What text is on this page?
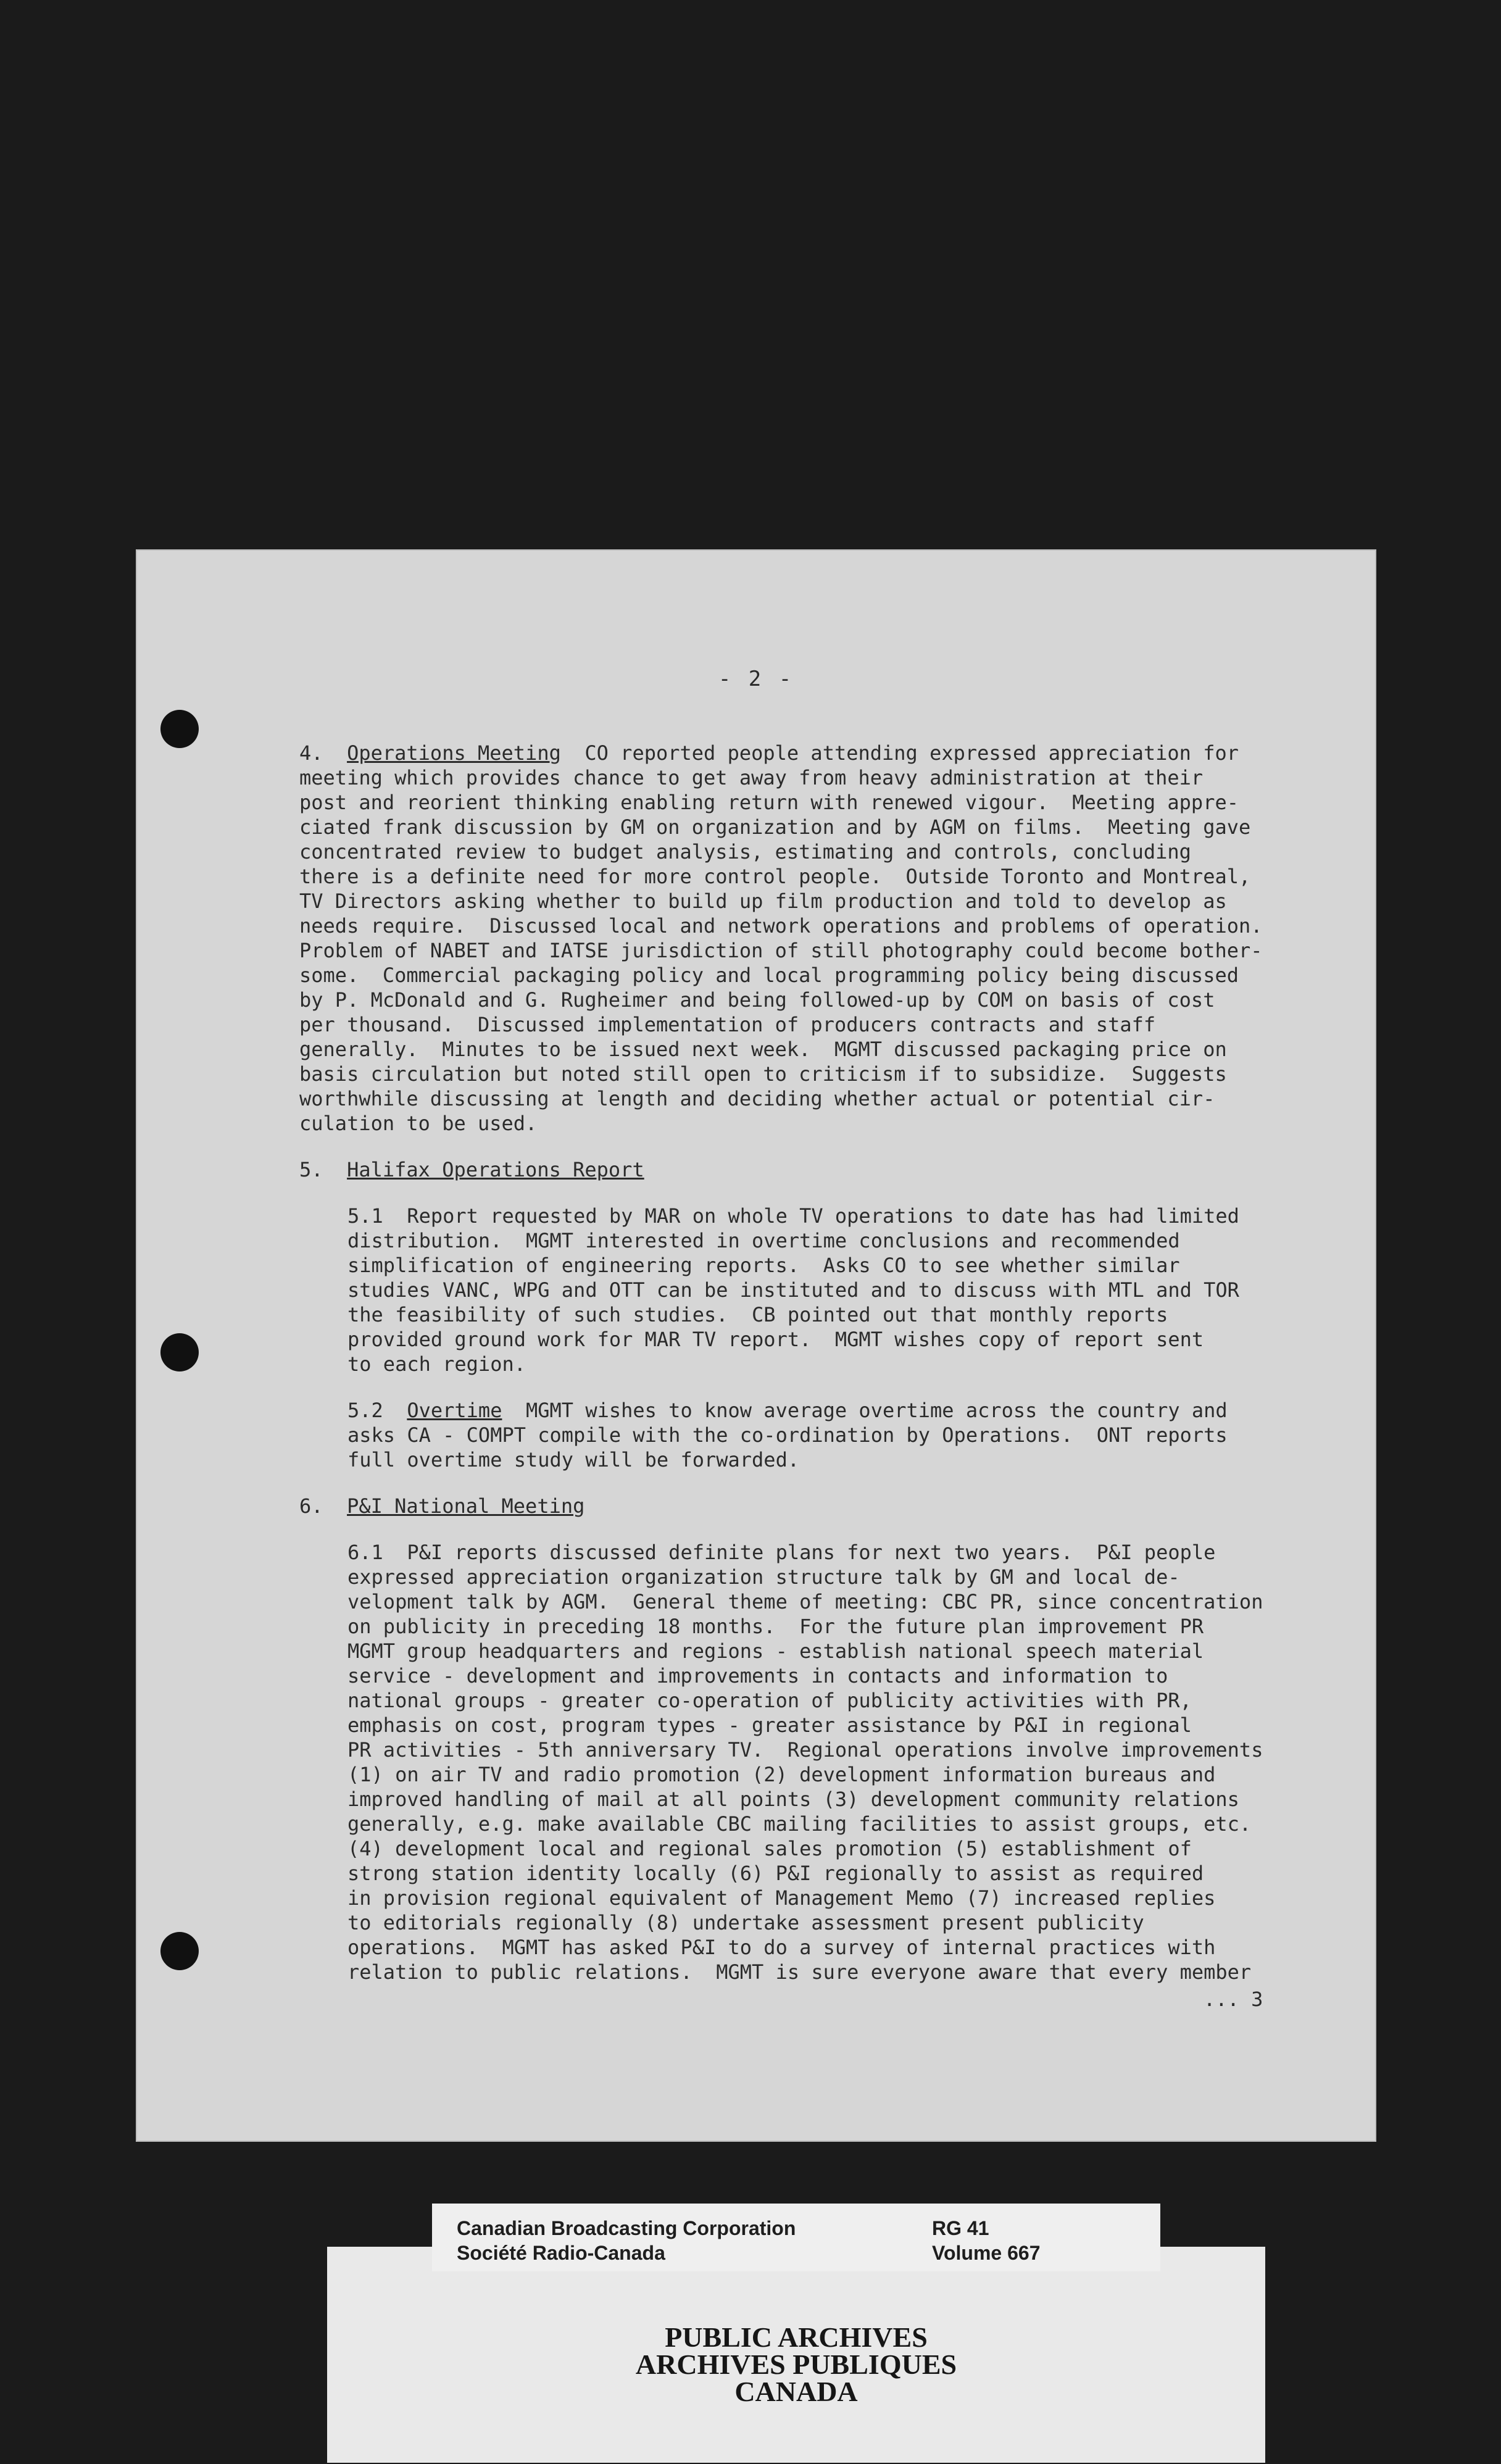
- 2 -
4. Operations Meeting CO reported people attending expressed appreciation for
meeting which provides chance to get away from heavy administration at their
post and reorient thinking enabling return with renewed vigour.  Meeting appre-
ciated frank discussion by GM on organization and by AGM on films.  Meeting gave
concentrated review to budget analysis, estimating and controls, concluding
there is a definite need for more control people.  Outside Toronto and Montreal,
TV Directors asking whether to build up film production and told to develop as
needs require.  Discussed local and network operations and problems of operation.
Problem of NABET and IATSE jurisdiction of still photography could become bother-
some.  Commercial packaging policy and local programming policy being discussed
by P. McDonald and G. Rugheimer and being followed-up by COM on basis of cost
per thousand.  Discussed implementation of producers contracts and staff
generally.  Minutes to be issued next week.  MGMT discussed packaging price on
basis circulation but noted still open to criticism if to subsidize.  Suggests
worthwhile discussing at length and deciding whether actual or potential cir-
culation to be used.
5. Halifax Operations Report
5.1  Report requested by MAR on whole TV operations to date has had limited
distribution.  MGMT interested in overtime conclusions and recommended
simplification of engineering reports.  Asks CO to see whether similar
studies VANC, WPG and OTT can be instituted and to discuss with MTL and TOR
the feasibility of such studies.  CB pointed out that monthly reports
provided ground work for MAR TV report.  MGMT wishes copy of report sent
to each region.
5.2 Overtime MGMT wishes to know average overtime across the country and
asks CA - COMPT compile with the co-ordination by Operations.  ONT reports
full overtime study will be forwarded.
6. P&I National Meeting
6.1  P&I reports discussed definite plans for next two years.  P&I people
expressed appreciation organization structure talk by GM and local de-
velopment talk by AGM.  General theme of meeting: CBC PR, since concentration
on publicity in preceding 18 months.  For the future plan improvement PR
MGMT group headquarters and regions - establish national speech material
service - development and improvements in contacts and information to
national groups - greater co-operation of publicity activities with PR,
emphasis on cost, program types - greater assistance by P&I in regional
PR activities - 5th anniversary TV.  Regional operations involve improvements
(1) on air TV and radio promotion (2) development information bureaus and
improved handling of mail at all points (3) development community relations
generally, e.g. make available CBC mailing facilities to assist groups, etc.
(4) development local and regional sales promotion (5) establishment of
strong station identity locally (6) P&I regionally to assist as required
in provision regional equivalent of Management Memo (7) increased replies
to editorials regionally (8) undertake assessment present publicity
operations.  MGMT has asked P&I to do a survey of internal practices with
relation to public relations.  MGMT is sure everyone aware that every member
... 3
PUBLIC ARCHIVES
ARCHIVES PUBLIQUES
CANADA
Canadian Broadcasting Corporation
Société Radio-Canada
RG 41
Volume 667
